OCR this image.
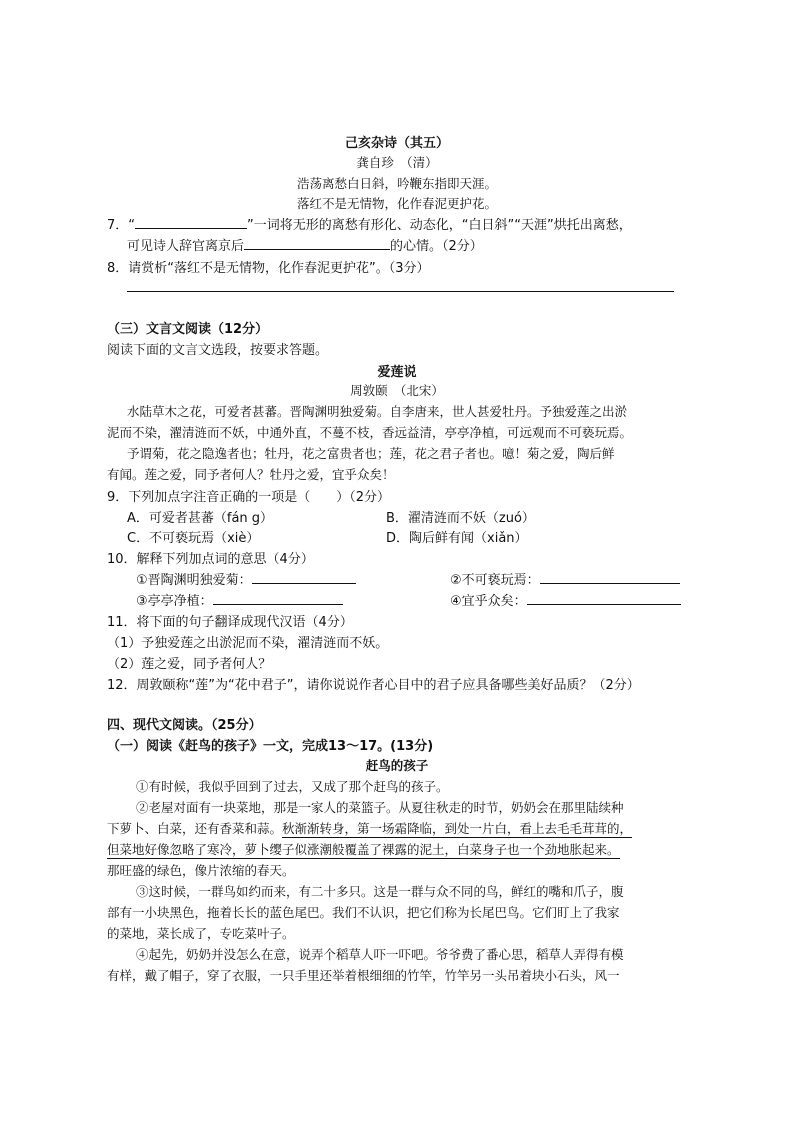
己亥杂诗（其五）
龚自珍　（清）
浩荡离愁白日斜，吟鞭东指即天涯。
落红不是无情物，化作春泥更护花。
7．“	”一词将无形的离愁有形化、动态化，“白日斜”“天涯”烘托出离愁，
可见诗人辞官离京后	的心情。（2分）
8．请赏析“落红不是无情物，化作春泥更护花”。（3分）
（三）文言文阅读（12分）
阅读下面的文言文选段，按要求答题。
爱莲说
周敦颐　（北宋）
水陆草木之花，可爱者甚蕃。晋陶渊明独爱菊。自李唐来，世人甚爱牡丹。予独爱莲之出淤
泥而不染，濯清涟而不妖，中通外直，不蔓不枝，香远益清，亭亭净植，可远观而不可亵玩焉。
予谓菊，花之隐逸者也；牡丹，花之富贵者也；莲，花之君子者也。噫！菊之爱，陶后鲜
有闻。莲之爱，同予者何人？牡丹之爱，宜乎众矣！
9．下列加点字注音正确的一项是（　　）（2分）
A．可爱者甚蕃（fán g）	B．濯清涟而不妖（zuó）
C．不可亵玩焉（xiè）	D．陶后鲜有闻（xiǎn）
10．解释下列加点词的意思（4分）
①晋陶渊明独爱菊：	②不可亵玩焉：
③亭亭净植：	④宜乎众矣：
11．将下面的句子翻译成现代汉语（4分）
（1）予独爱莲之出淤泥而不染，濯清涟而不妖。
（2）莲之爱，同予者何人？
12．周敦颐称“莲”为“花中君子”，请你说说作者心目中的君子应具备哪些美好品质？（2分）
四、现代文阅读。（25分）
（一）阅读《赶鸟的孩子》一文，完成13～17。(13分)
赶鸟的孩子
①有时候，我似乎回到了过去，又成了那个赶鸟的孩子。
②老屋对面有一块菜地，那是一家人的菜篮子。从夏往秋走的时节，奶奶会在那里陆续种
下萝卜、白菜，还有香菜和蒜。秋渐渐转身，第一场霜降临，到处一片白，看上去毛毛茸茸的，
但菜地好像忽略了寒冷，萝卜缨子似涨潮般覆盖了裸露的泥土，白菜身子也一个劲地胀起来。
那旺盛的绿色，像片浓缩的春天。
③这时候，一群鸟如约而来，有二十多只。这是一群与众不同的鸟，鲜红的嘴和爪子，腹
部有一小块黑色，拖着长长的蓝色尾巴。我们不认识，把它们称为长尾巴鸟。它们盯上了我家
的菜地，菜长成了，专吃菜叶子。
④起先，奶奶并没怎么在意，说弄个稻草人吓一吓吧。爷爷费了番心思，稻草人弄得有模
有样，戴了帽子，穿了衣服，一只手里还举着根细细的竹竿，竹竿另一头吊着块小石头，风一
